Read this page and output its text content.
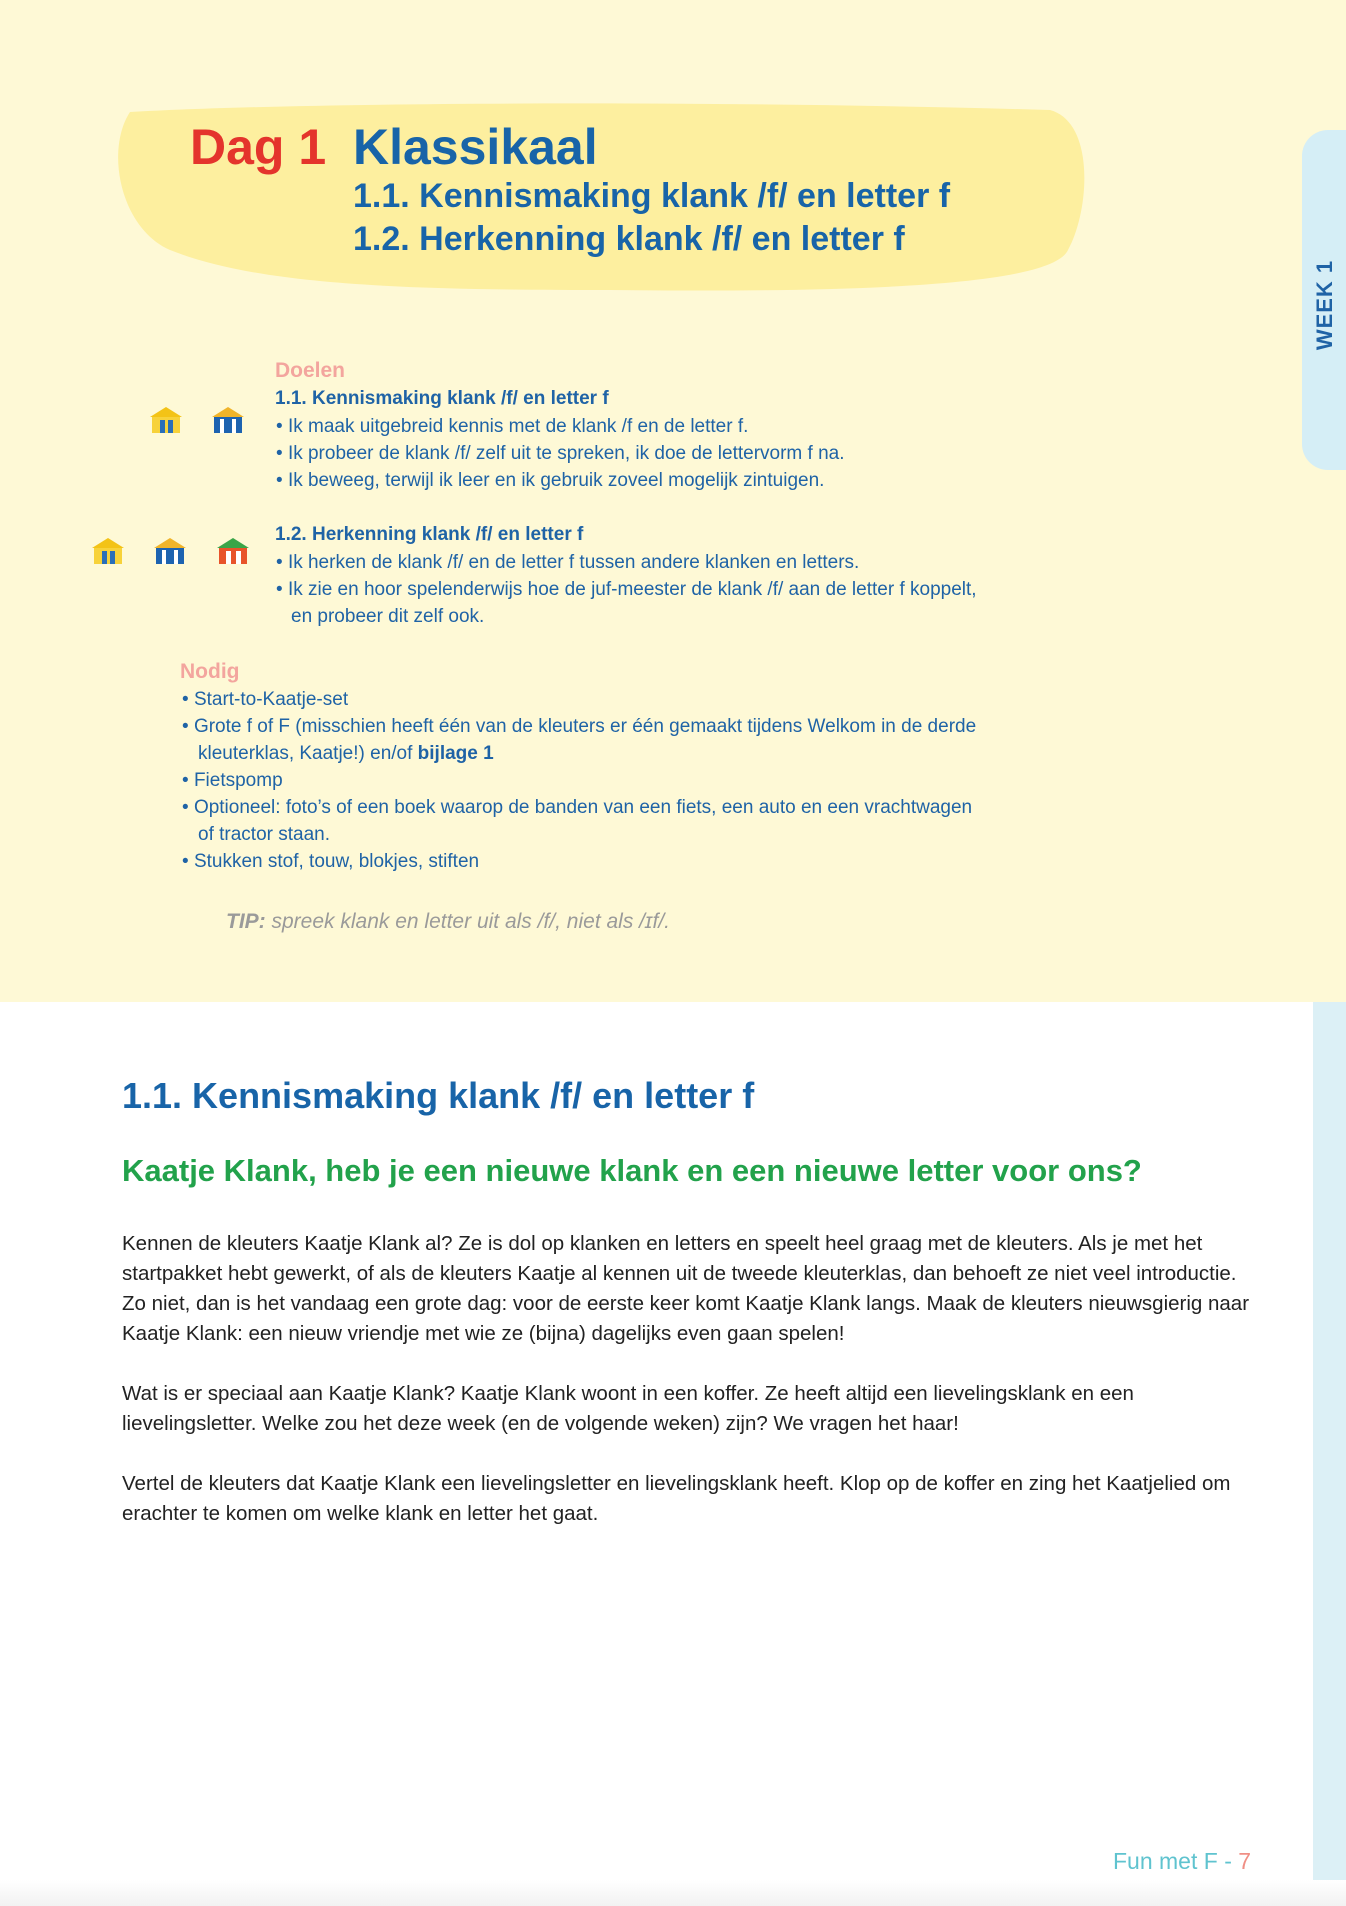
WEEK 1
Dag 1 Klassikaal
1.1. Kennismaking klank /f/ en letter f
1.2. Herkenning klank /f/ en letter f
Doelen
1.1. Kennismaking klank /f/ en letter f
• Ik maak uitgebreid kennis met de klank /f en de letter f.
• Ik probeer de klank /f/ zelf uit te spreken, ik doe de lettervorm f na.
• Ik beweeg, terwijl ik leer en ik gebruik zoveel mogelijk zintuigen.
1.2. Herkenning klank /f/ en letter f
• Ik herken de klank /f/ en de letter f tussen andere klanken en letters.
• Ik zie en hoor spelenderwijs hoe de juf-meester de klank /f/ aan de letter f koppelt,
en probeer dit zelf ook.
Nodig
• Start-to-Kaatje-set
• Grote f of F (misschien heeft één van de kleuters er één gemaakt tijdens Welkom in de derde
kleuterklas, Kaatje!) en/of bijlage 1
• Fietspomp
• Optioneel: foto’s of een boek waarop de banden van een fiets, een auto en een vrachtwagen
of tractor staan.
• Stukken stof, touw, blokjes, stiften
TIP: spreek klank en letter uit als /f/, niet als /ɪf/.
1.1. Kennismaking klank /f/ en letter f
Kaatje Klank, heb je een nieuwe klank en een nieuwe letter voor ons?

Kennen de kleuters Kaatje Klank al? Ze is dol op klanken en letters en speelt heel graag met de kleuters. Als je met het startpakket hebt gewerkt, of als de kleuters Kaatje al kennen uit de tweede kleuterklas, dan behoeft ze niet veel introductie. Zo niet, dan is het vandaag een grote dag: voor de eerste keer komt Kaatje Klank langs. Maak de kleuters nieuwsgierig naar Kaatje Klank: een nieuw vriendje met wie ze (bijna) dagelijks even gaan spelen!

Wat is er speciaal aan Kaatje Klank? Kaatje Klank woont in een koffer. Ze heeft altijd een lievelingsklank en een lievelingsletter. Welke zou het deze week (en de volgende weken) zijn? We vragen het haar!

Vertel de kleuters dat Kaatje Klank een lievelingsletter en lievelingsklank heeft. Klop op de koffer en zing het Kaatjelied om erachter te komen om welke klank en letter het gaat.

Fun met F - 7
